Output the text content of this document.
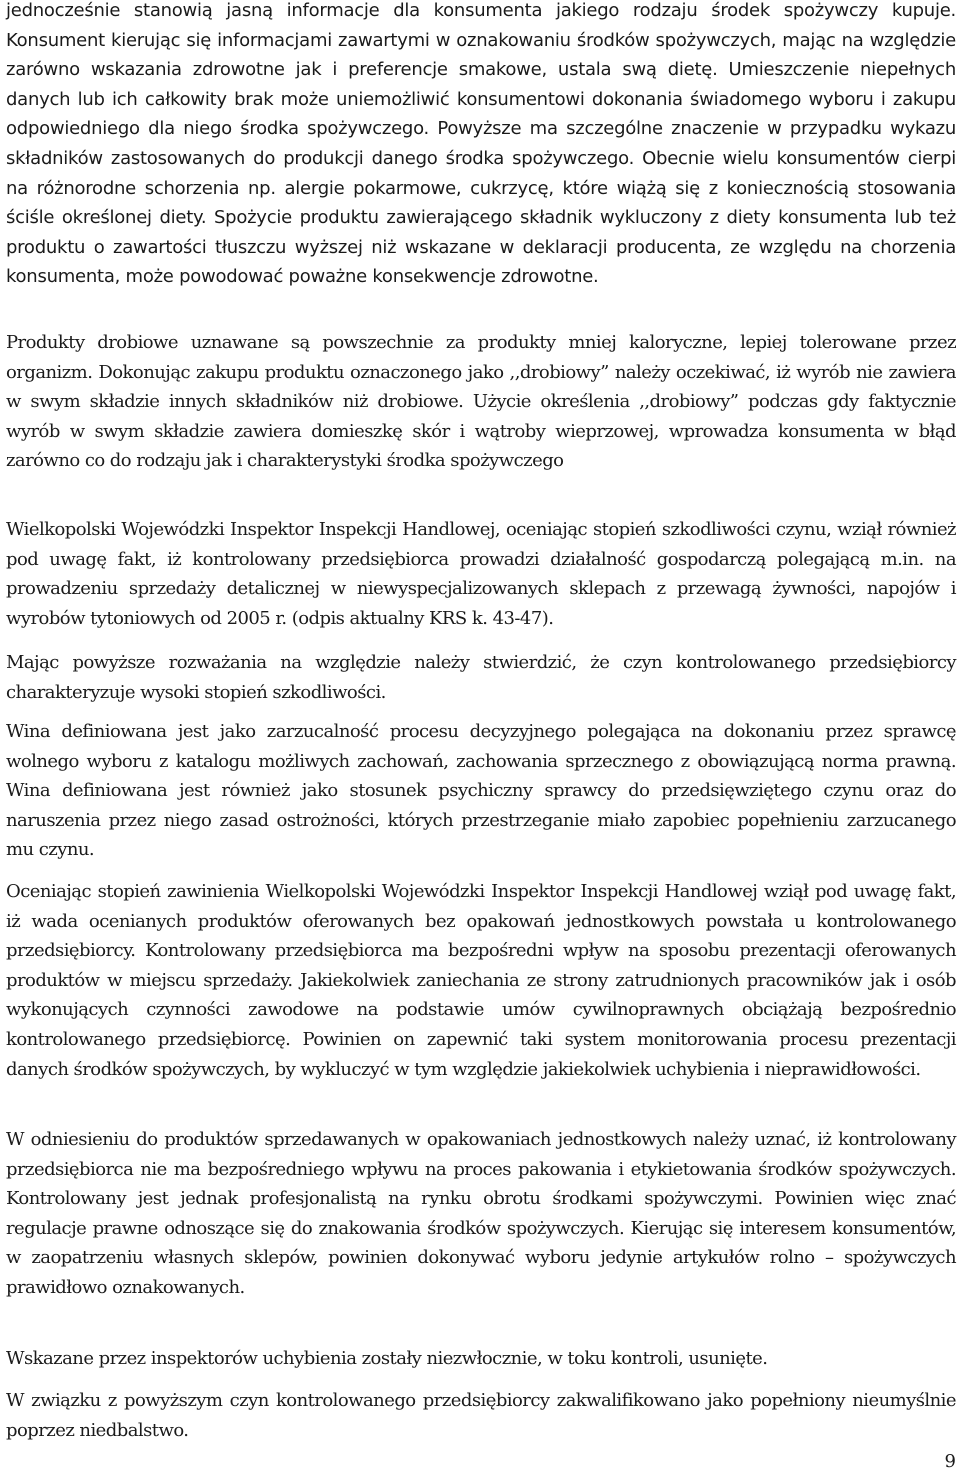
jednocześnie stanowią jasną informacje dla konsumenta jakiego rodzaju środek spożywczy kupuje. Konsument kierując się informacjami zawartymi w oznakowaniu środków spożywczych, mając na względzie zarówno wskazania zdrowotne jak i preferencje smakowe, ustala swą dietę. Umieszczenie niepełnych danych lub ich całkowity brak może uniemożliwić konsumentowi dokonania świadomego wyboru i zakupu odpowiedniego dla niego środka spożywczego. Powyższe ma szczególne znaczenie w przypadku wykazu składników zastosowanych do produkcji danego środka spożywczego. Obecnie wielu konsumentów cierpi na różnorodne schorzenia np. alergie pokarmowe, cukrzycę, które wiążą się z koniecznością stosowania ściśle określonej diety. Spożycie produktu zawierającego składnik wykluczony z diety konsumenta lub też produktu o zawartości tłuszczu wyższej niż wskazane w deklaracji producenta, ze względu na chorzenia konsumenta, może powodować poważne konsekwencje zdrowotne.

Produkty drobiowe uznawane są powszechnie za produkty mniej kaloryczne, lepiej tolerowane przez organizm. Dokonując zakupu produktu oznaczonego jako ,,drobiowy” należy oczekiwać, iż wyrób nie zawiera w swym składzie innych składników niż drobiowe. Użycie określenia ,,drobiowy” podczas gdy faktycznie wyrób w swym składzie zawiera domieszkę skór i wątroby wieprzowej, wprowadza konsumenta w błąd zarówno co do rodzaju jak i charakterystyki środka spożywczego

Wielkopolski Wojewódzki Inspektor Inspekcji Handlowej, oceniając stopień szkodliwości czynu, wziął również pod uwagę fakt, iż kontrolowany przedsiębiorca prowadzi działalność gospodarczą polegającą m.in. na prowadzeniu sprzedaży detalicznej w niewyspecjalizowanych sklepach z przewagą żywności, napojów i wyrobów tytoniowych od 2005 r. (odpis aktualny KRS k. 43-47).

Mając powyższe rozważania na względzie należy stwierdzić, że czyn kontrolowanego przedsiębiorcy charakteryzuje wysoki stopień szkodliwości.

Wina definiowana jest jako zarzucalność procesu decyzyjnego polegająca na dokonaniu przez sprawcę wolnego wyboru z katalogu możliwych zachowań, zachowania sprzecznego z obowiązującą norma prawną. Wina definiowana jest również jako stosunek psychiczny sprawcy do przedsięwziętego czynu oraz do naruszenia przez niego zasad ostrożności, których przestrzeganie miało zapobiec popełnieniu zarzucanego mu czynu.

Oceniając stopień zawinienia Wielkopolski Wojewódzki Inspektor Inspekcji Handlowej wziął pod uwagę fakt, iż wada ocenianych produktów oferowanych bez opakowań jednostkowych powstała u kontrolowanego przedsiębiorcy. Kontrolowany przedsiębiorca ma bezpośredni wpływ na sposobu prezentacji oferowanych produktów w miejscu sprzedaży. Jakiekolwiek zaniechania ze strony zatrudnionych pracowników jak i osób wykonujących czynności zawodowe na podstawie umów cywilnoprawnych obciążają bezpośrednio kontrolowanego przedsiębiorcę. Powinien on zapewnić taki system monitorowania procesu prezentacji danych środków spożywczych, by wykluczyć w tym względzie jakiekolwiek uchybienia i nieprawidłowości.

W odniesieniu do produktów sprzedawanych w opakowaniach jednostkowych należy uznać, iż kontrolowany przedsiębiorca nie ma bezpośredniego wpływu na proces pakowania i etykietowania środków spożywczych. Kontrolowany jest jednak profesjonalistą na rynku obrotu środkami spożywczymi. Powinien więc znać regulacje prawne odnoszące się do znakowania środków spożywczych. Kierując się interesem konsumentów, w zaopatrzeniu własnych sklepów, powinien dokonywać wyboru jedynie artykułów rolno – spożywczych prawidłowo oznakowanych.

Wskazane przez inspektorów uchybienia zostały niezwłocznie, w toku kontroli, usunięte.

W związku z powyższym czyn kontrolowanego przedsiębiorcy zakwalifikowano jako popełniony nieumyślnie poprzez niedbalstwo.

9
